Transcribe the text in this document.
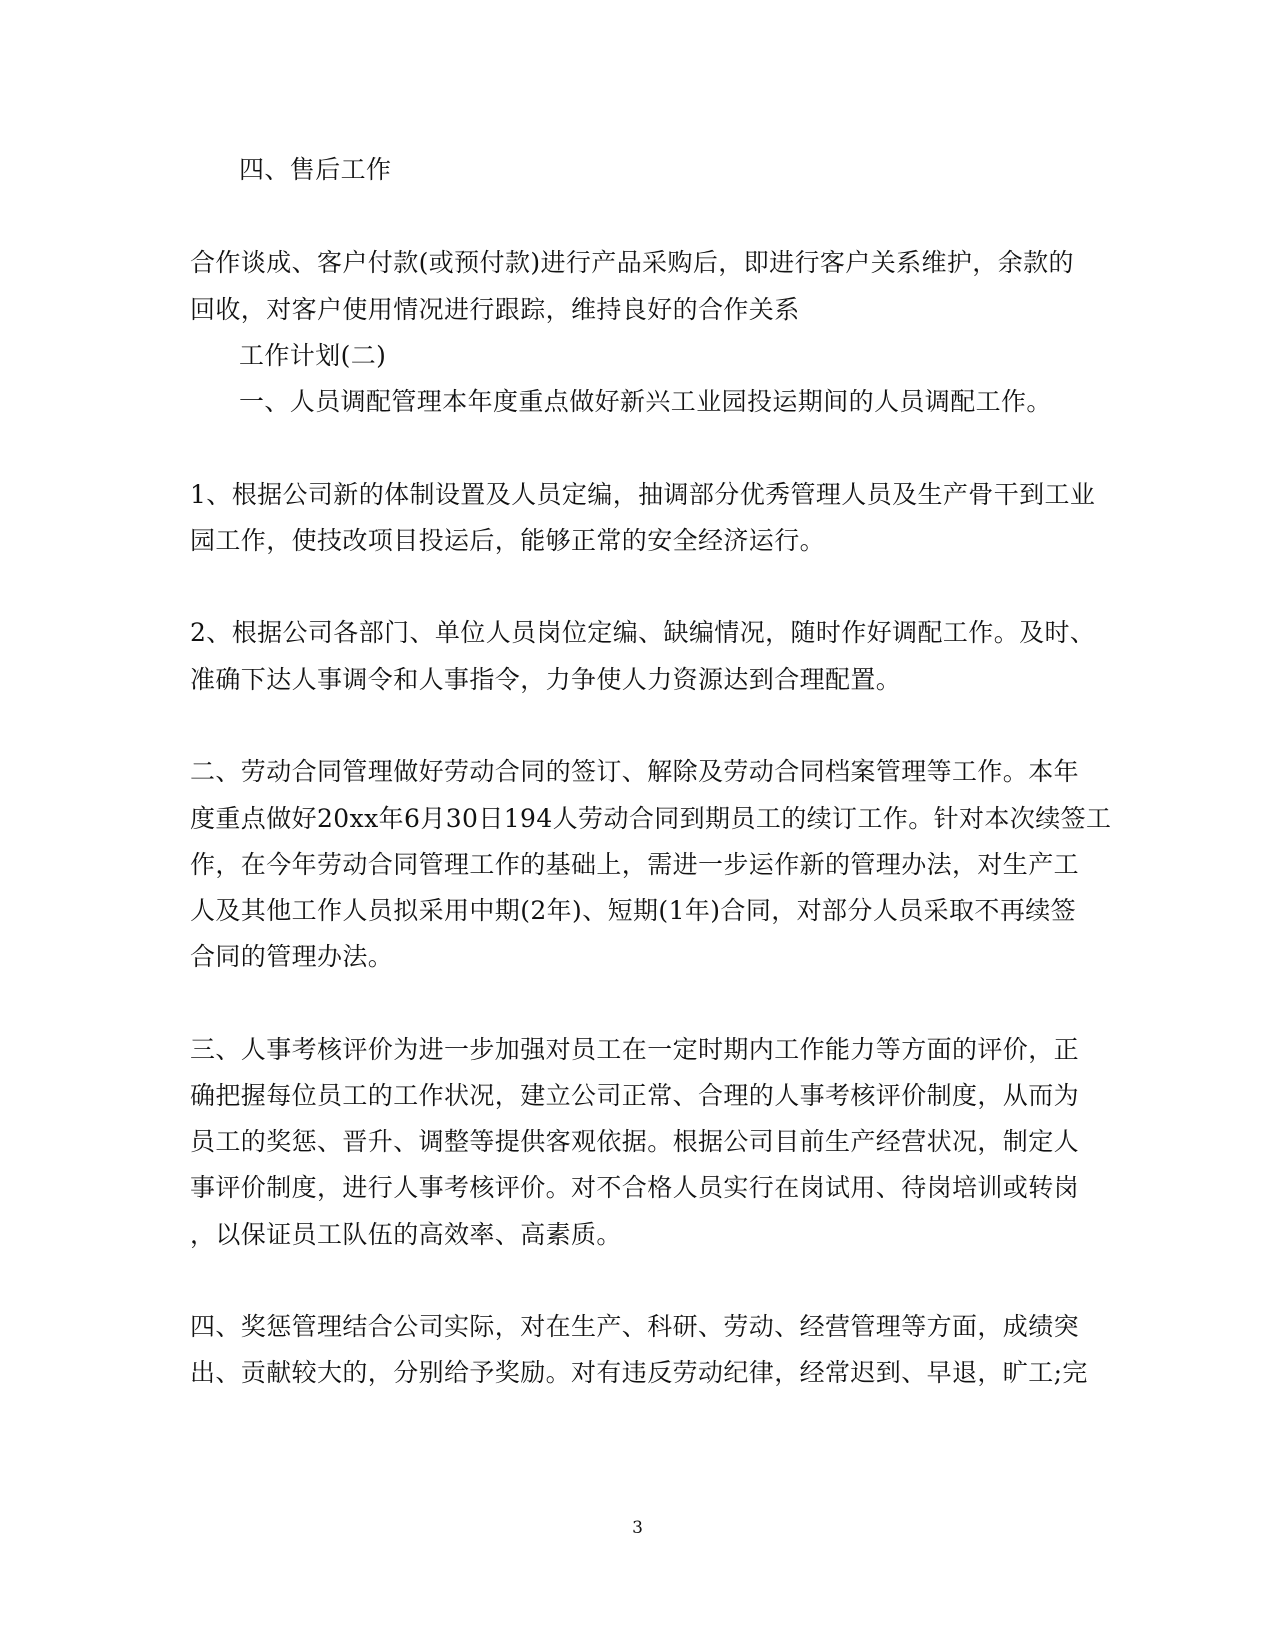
四、售后工作
合作谈成、客户付款(或预付款)进行产品采购后，即进行客户关系维护，余款的
回收，对客户使用情况进行跟踪，维持良好的合作关系
工作计划(二)
一、人员调配管理本年度重点做好新兴工业园投运期间的人员调配工作。
1、根据公司新的体制设置及人员定编，抽调部分优秀管理人员及生产骨干到工业
园工作，使技改项目投运后，能够正常的安全经济运行。
2、根据公司各部门、单位人员岗位定编、缺编情况，随时作好调配工作。及时、
准确下达人事调令和人事指令，力争使人力资源达到合理配置。
二、劳动合同管理做好劳动合同的签订、解除及劳动合同档案管理等工作。本年
度重点做好20xx年6月30日194人劳动合同到期员工的续订工作。针对本次续签工
作，在今年劳动合同管理工作的基础上，需进一步运作新的管理办法，对生产工
人及其他工作人员拟采用中期(2年)、短期(1年)合同，对部分人员采取不再续签
合同的管理办法。
三、人事考核评价为进一步加强对员工在一定时期内工作能力等方面的评价，正
确把握每位员工的工作状况，建立公司正常、合理的人事考核评价制度，从而为
员工的奖惩、晋升、调整等提供客观依据。根据公司目前生产经营状况，制定人
事评价制度，进行人事考核评价。对不合格人员实行在岗试用、待岗培训或转岗
，以保证员工队伍的高效率、高素质。
四、奖惩管理结合公司实际，对在生产、科研、劳动、经营管理等方面，成绩突
出、贡献较大的，分别给予奖励。对有违反劳动纪律，经常迟到、早退，旷工;完
3
